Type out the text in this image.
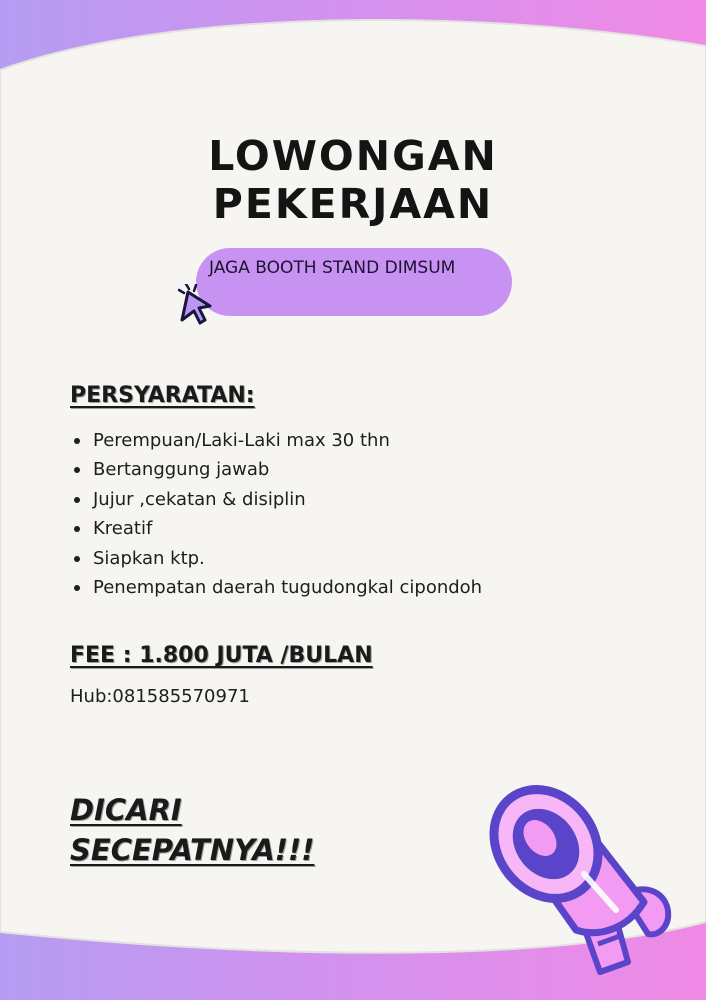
LOWONGAN
PEKERJAAN

JAGA BOOTH STAND DIMSUM

PERSYARATAN:
Perempuan/Laki-Laki max 30 thn
Bertanggung jawab
Jujur ,cekatan & disiplin
Kreatif
Siapkan ktp.
Penempatan daerah tugudongkal cipondoh
FEE : 1.800 JUTA /BULAN

Hub:081585570971

DICARI
SECEPATNYA!!!
